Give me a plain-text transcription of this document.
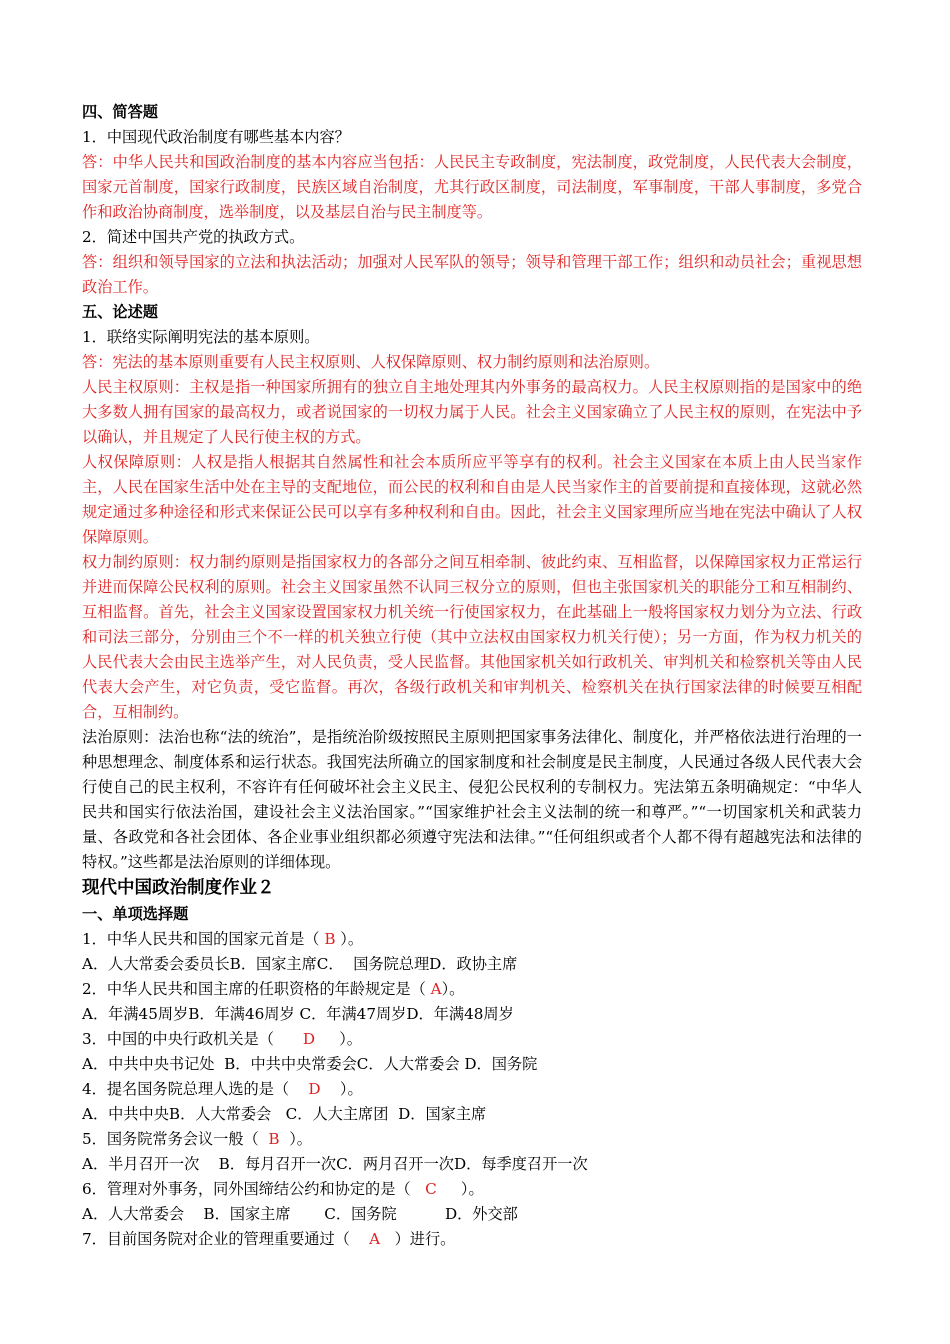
四、简答题

1．中国现代政治制度有哪些基本内容？

答：中华人民共和国政治制度的基本内容应当包括：人民民主专政制度，宪法制度，政党制度，人民代表大会制度，国家元首制度，国家行政制度，民族区域自治制度，尤其行政区制度，司法制度，军事制度，干部人事制度，多党合作和政治协商制度，选举制度，以及基层自治与民主制度等。

2．简述中国共产党的执政方式。

答：组织和领导国家的立法和执法活动；加强对人民军队的领导；领导和管理干部工作；组织和动员社会；重视思想政治工作。

五、论述题

1．联络实际阐明宪法的基本原则。

答：宪法的基本原则重要有人民主权原则、人权保障原则、权力制约原则和法治原则。

人民主权原则：主权是指一种国家所拥有的独立自主地处理其内外事务的最高权力。人民主权原则指的是国家中的绝大多数人拥有国家的最高权力，或者说国家的一切权力属于人民。社会主义国家确立了人民主权的原则，在宪法中予以确认，并且规定了人民行使主权的方式。

人权保障原则：人权是指人根据其自然属性和社会本质所应平等享有的权利。社会主义国家在本质上由人民当家作主，人民在国家生活中处在主导的支配地位，而公民的权利和自由是人民当家作主的首要前提和直接体现，这就必然规定通过多种途径和形式来保证公民可以享有多种权利和自由。因此，社会主义国家理所应当地在宪法中确认了人权保障原则。

权力制约原则：权力制约原则是指国家权力的各部分之间互相牵制、彼此约束、互相监督，以保障国家权力正常运行并进而保障公民权利的原则。社会主义国家虽然不认同三权分立的原则，但也主张国家机关的职能分工和互相制约、互相监督。首先，社会主义国家设置国家权力机关统一行使国家权力，在此基础上一般将国家权力划分为立法、行政和司法三部分，分别由三个不一样的机关独立行使（其中立法权由国家权力机关行使）；另一方面，作为权力机关的人民代表大会由民主选举产生，对人民负责，受人民监督。其他国家机关如行政机关、审判机关和检察机关等由人民代表大会产生，对它负责，受它监督。再次，各级行政机关和审判机关、检察机关在执行国家法律的时候要互相配合，互相制约。

法治原则：法治也称“法的统治”，是指统治阶级按照民主原则把国家事务法律化、制度化，并严格依法进行治理的一种思想理念、制度体系和运行状态。我国宪法所确立的国家制度和社会制度是民主制度，人民通过各级人民代表大会行使自己的民主权利，不容许有任何破坏社会主义民主、侵犯公民权利的专制权力。宪法第五条明确规定：“中华人民共和国实行依法治国，建设社会主义法治国家。”“国家维护社会主义法制的统一和尊严。”“一切国家机关和武装力量、各政党和各社会团体、各企业事业组织都必须遵守宪法和法律。”“任何组织或者个人都不得有超越宪法和法律的特权。”这些都是法治原则的详细体现。

现代中国政治制度作业２

一、单项选择题

1．中华人民共和国的国家元首是（ B ）。
A．人大常委会委员长B．国家主席C．  国务院总理D．政协主席
2．中华人民共和国主席的任职资格的年龄规定是（ A ）。
A．年满45周岁B．年满46周岁 C．年满47周岁D．年满48周岁
3．中国的中央行政机关是（ D ）。
A．中共中央书记处  B．中共中央常委会C．人大常委会 D．国务院
4．提名国务院总理人选的是（ D ）。
A．中共中央B．人大常委会   C．人大主席团  D．国家主席
5．国务院常务会议一般（ B ）。
A．半月召开一次    B．每月召开一次C．两月召开一次D．每季度召开一次
6．管理对外事务，同外国缔结公约和协定的是（ C ）。
A．人大常委会    B．国家主席       C．国务院          D．外交部
7．目前国务院对企业的管理重要通过（ A ）进行。
